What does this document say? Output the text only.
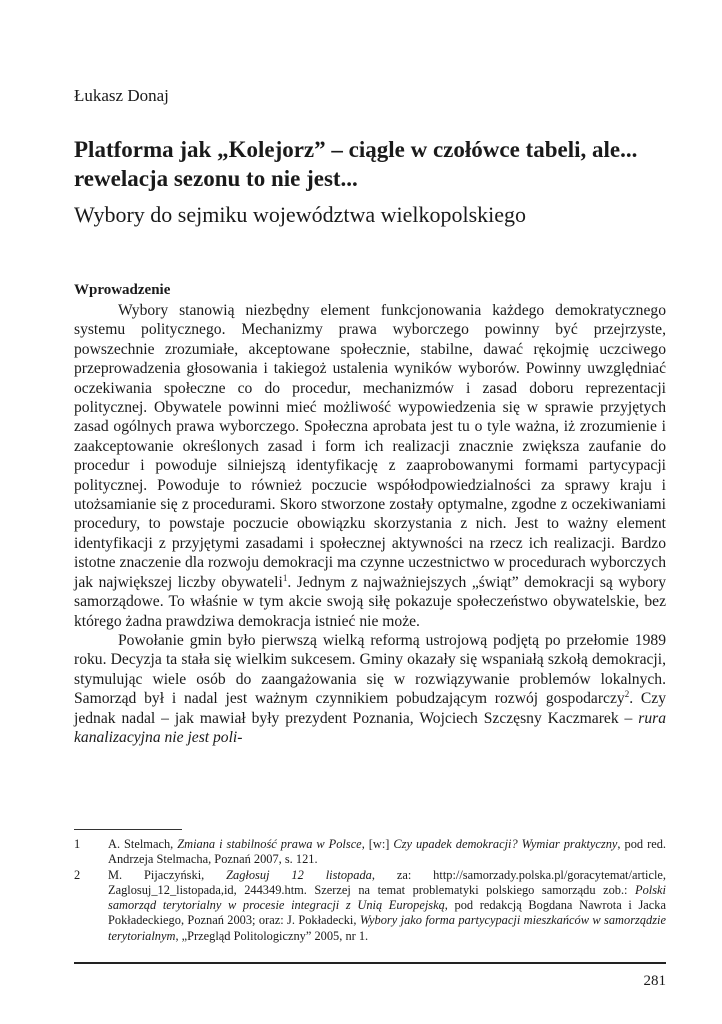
Łukasz Donaj
Platforma jak „Kolejorz” – ciągle w czołówce tabeli, ale... rewelacja sezonu to nie jest...
Wybory do sejmiku województwa wielkopolskiego
Wprowadzenie

Wybory stanowią niezbędny element funkcjonowania każdego demokratycznego systemu politycznego. Mechanizmy prawa wyborczego powinny być przejrzyste, powszechnie zrozumiałe, akceptowane społecznie, stabilne, dawać rękojmię uczciwego przeprowadzenia głosowania i takiegoż ustalenia wyników wyborów. Powinny uwzględniać oczekiwania społeczne co do procedur, mechanizmów i zasad doboru reprezentacji politycznej. Obywatele powinni mieć możliwość wypowiedzenia się w sprawie przyjętych zasad ogólnych prawa wyborczego. Społeczna aprobata jest tu o tyle ważna, iż zrozumienie i zaakceptowanie określonych zasad i form ich realizacji znacznie zwiększa zaufanie do procedur i powoduje silniejszą identyfikację z zaaprobowanymi formami partycypacji politycznej. Powoduje to również poczucie współodpowiedzialności za sprawy kraju i utożsamianie się z procedurami. Skoro stworzone zostały optymalne, zgodne z oczekiwaniami procedury, to powstaje poczucie obowiązku skorzystania z nich. Jest to ważny element identyfikacji z przyjętymi zasadami i społecznej aktywności na rzecz ich realizacji. Bardzo istotne znaczenie dla rozwoju demokracji ma czynne uczestnictwo w procedurach wyborczych jak największej liczby obywateli$^1$. Jednym z najważniejszych „świąt” demokracji są wybory samorządowe. To właśnie w tym akcie swoją siłę pokazuje społeczeństwo obywatelskie, bez którego żadna prawdziwa demokracja istnieć nie może.

Powołanie gmin było pierwszą wielką reformą ustrojową podjętą po przełomie 1989 roku. Decyzja ta stała się wielkim sukcesem. Gminy okazały się wspaniałą szkołą demokracji, stymulując wiele osób do zaangażowania się w rozwiązywanie problemów lokalnych. Samorząd był i nadal jest ważnym czynnikiem pobudzającym rozwój gospodarczy$^2$. Czy jednak nadal – jak mawiał były prezydent Poznania, Wojciech Szczęsny Kaczmarek – rura kanalizacyjna nie jest poli-

1 A. Stelmach, Zmiana i stabilność prawa w Polsce, [w:] Czy upadek demokracji? Wymiar praktyczny, pod red. Andrzeja Stelmacha, Poznań 2007, s. 121.

2 M. Pijaczyński, Zagłosuj 12 listopada, za: http://samorzady.polska.pl/goracytemat/article, Zaglosuj_12_listopada,id, 244349.htm. Szerzej na temat problematyki polskiego samorządu zob.: Polski samorząd terytorialny w procesie integracji z Unią Europejską, pod redakcją Bogdana Nawrota i Jacka Pokładeckiego, Poznań 2003; oraz: J. Pokładecki, Wybory jako forma partycypacji mieszkańców w samorządzie terytorialnym, „Przegląd Politologiczny” 2005, nr 1.

281
